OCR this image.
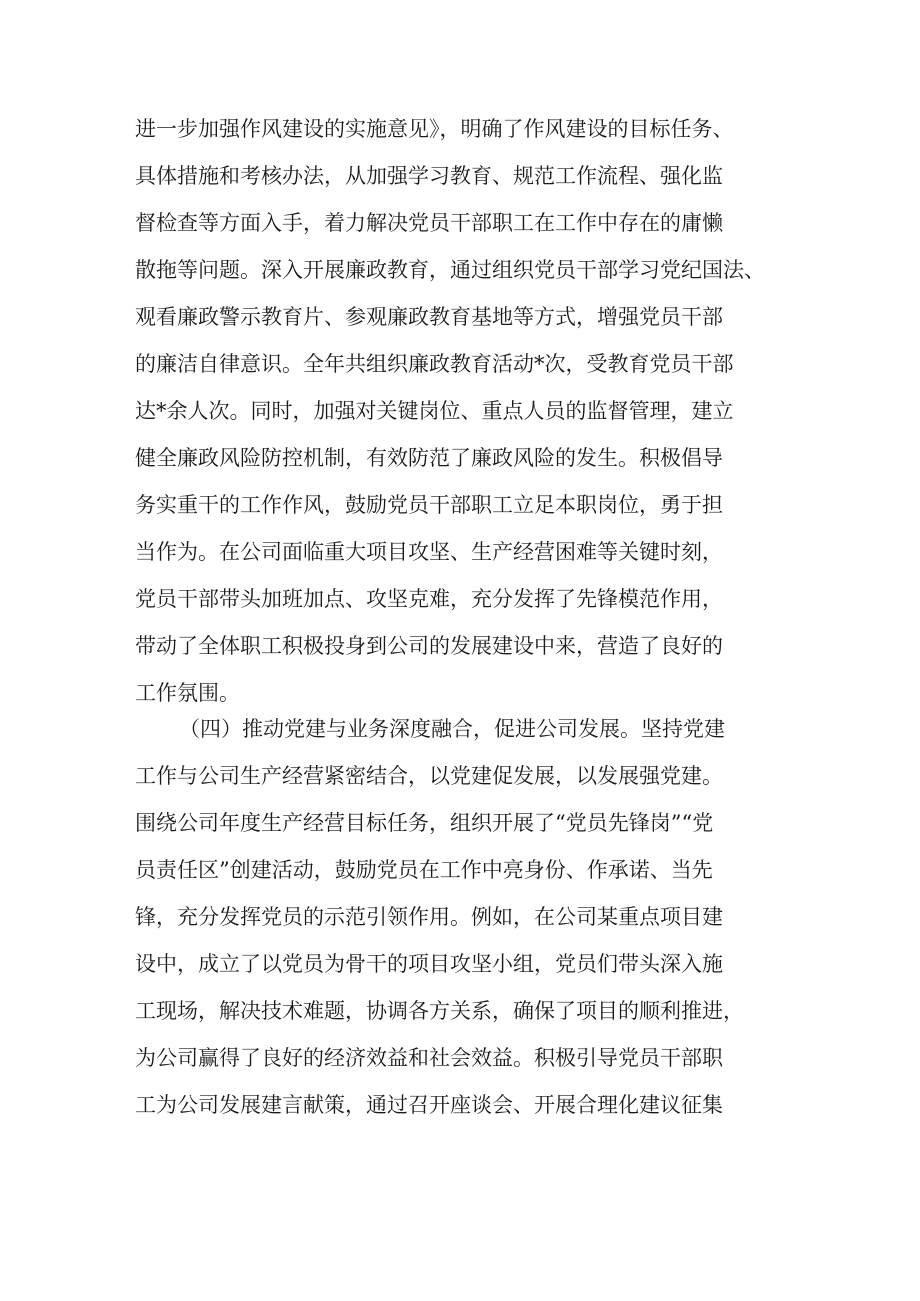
进一步加强作风建设的实施意见》，明确了作风建设的目标任务、
具体措施和考核办法，从加强学习教育、规范工作流程、强化监
督检查等方面入手，着力解决党员干部职工在工作中存在的庸懒
散拖等问题。深入开展廉政教育，通过组织党员干部学习党纪国法、
观看廉政警示教育片、参观廉政教育基地等方式，增强党员干部
的廉洁自律意识。全年共组织廉政教育活动*次，受教育党员干部
达*余人次。同时，加强对关键岗位、重点人员的监督管理，建立
健全廉政风险防控机制，有效防范了廉政风险的发生。积极倡导
务实重干的工作作风，鼓励党员干部职工立足本职岗位，勇于担
当作为。在公司面临重大项目攻坚、生产经营困难等关键时刻，
党员干部带头加班加点、攻坚克难，充分发挥了先锋模范作用，
带动了全体职工积极投身到公司的发展建设中来，营造了良好的
工作氛围。
（四）推动党建与业务深度融合，促进公司发展。坚持党建
工作与公司生产经营紧密结合，以党建促发展，以发展强党建。
围绕公司年度生产经营目标任务，组织开展了“党员先锋岗”“党
员责任区”创建活动，鼓励党员在工作中亮身份、作承诺、当先
锋，充分发挥党员的示范引领作用。例如，在公司某重点项目建
设中，成立了以党员为骨干的项目攻坚小组，党员们带头深入施
工现场，解决技术难题，协调各方关系，确保了项目的顺利推进，
为公司赢得了良好的经济效益和社会效益。积极引导党员干部职
工为公司发展建言献策，通过召开座谈会、开展合理化建议征集
